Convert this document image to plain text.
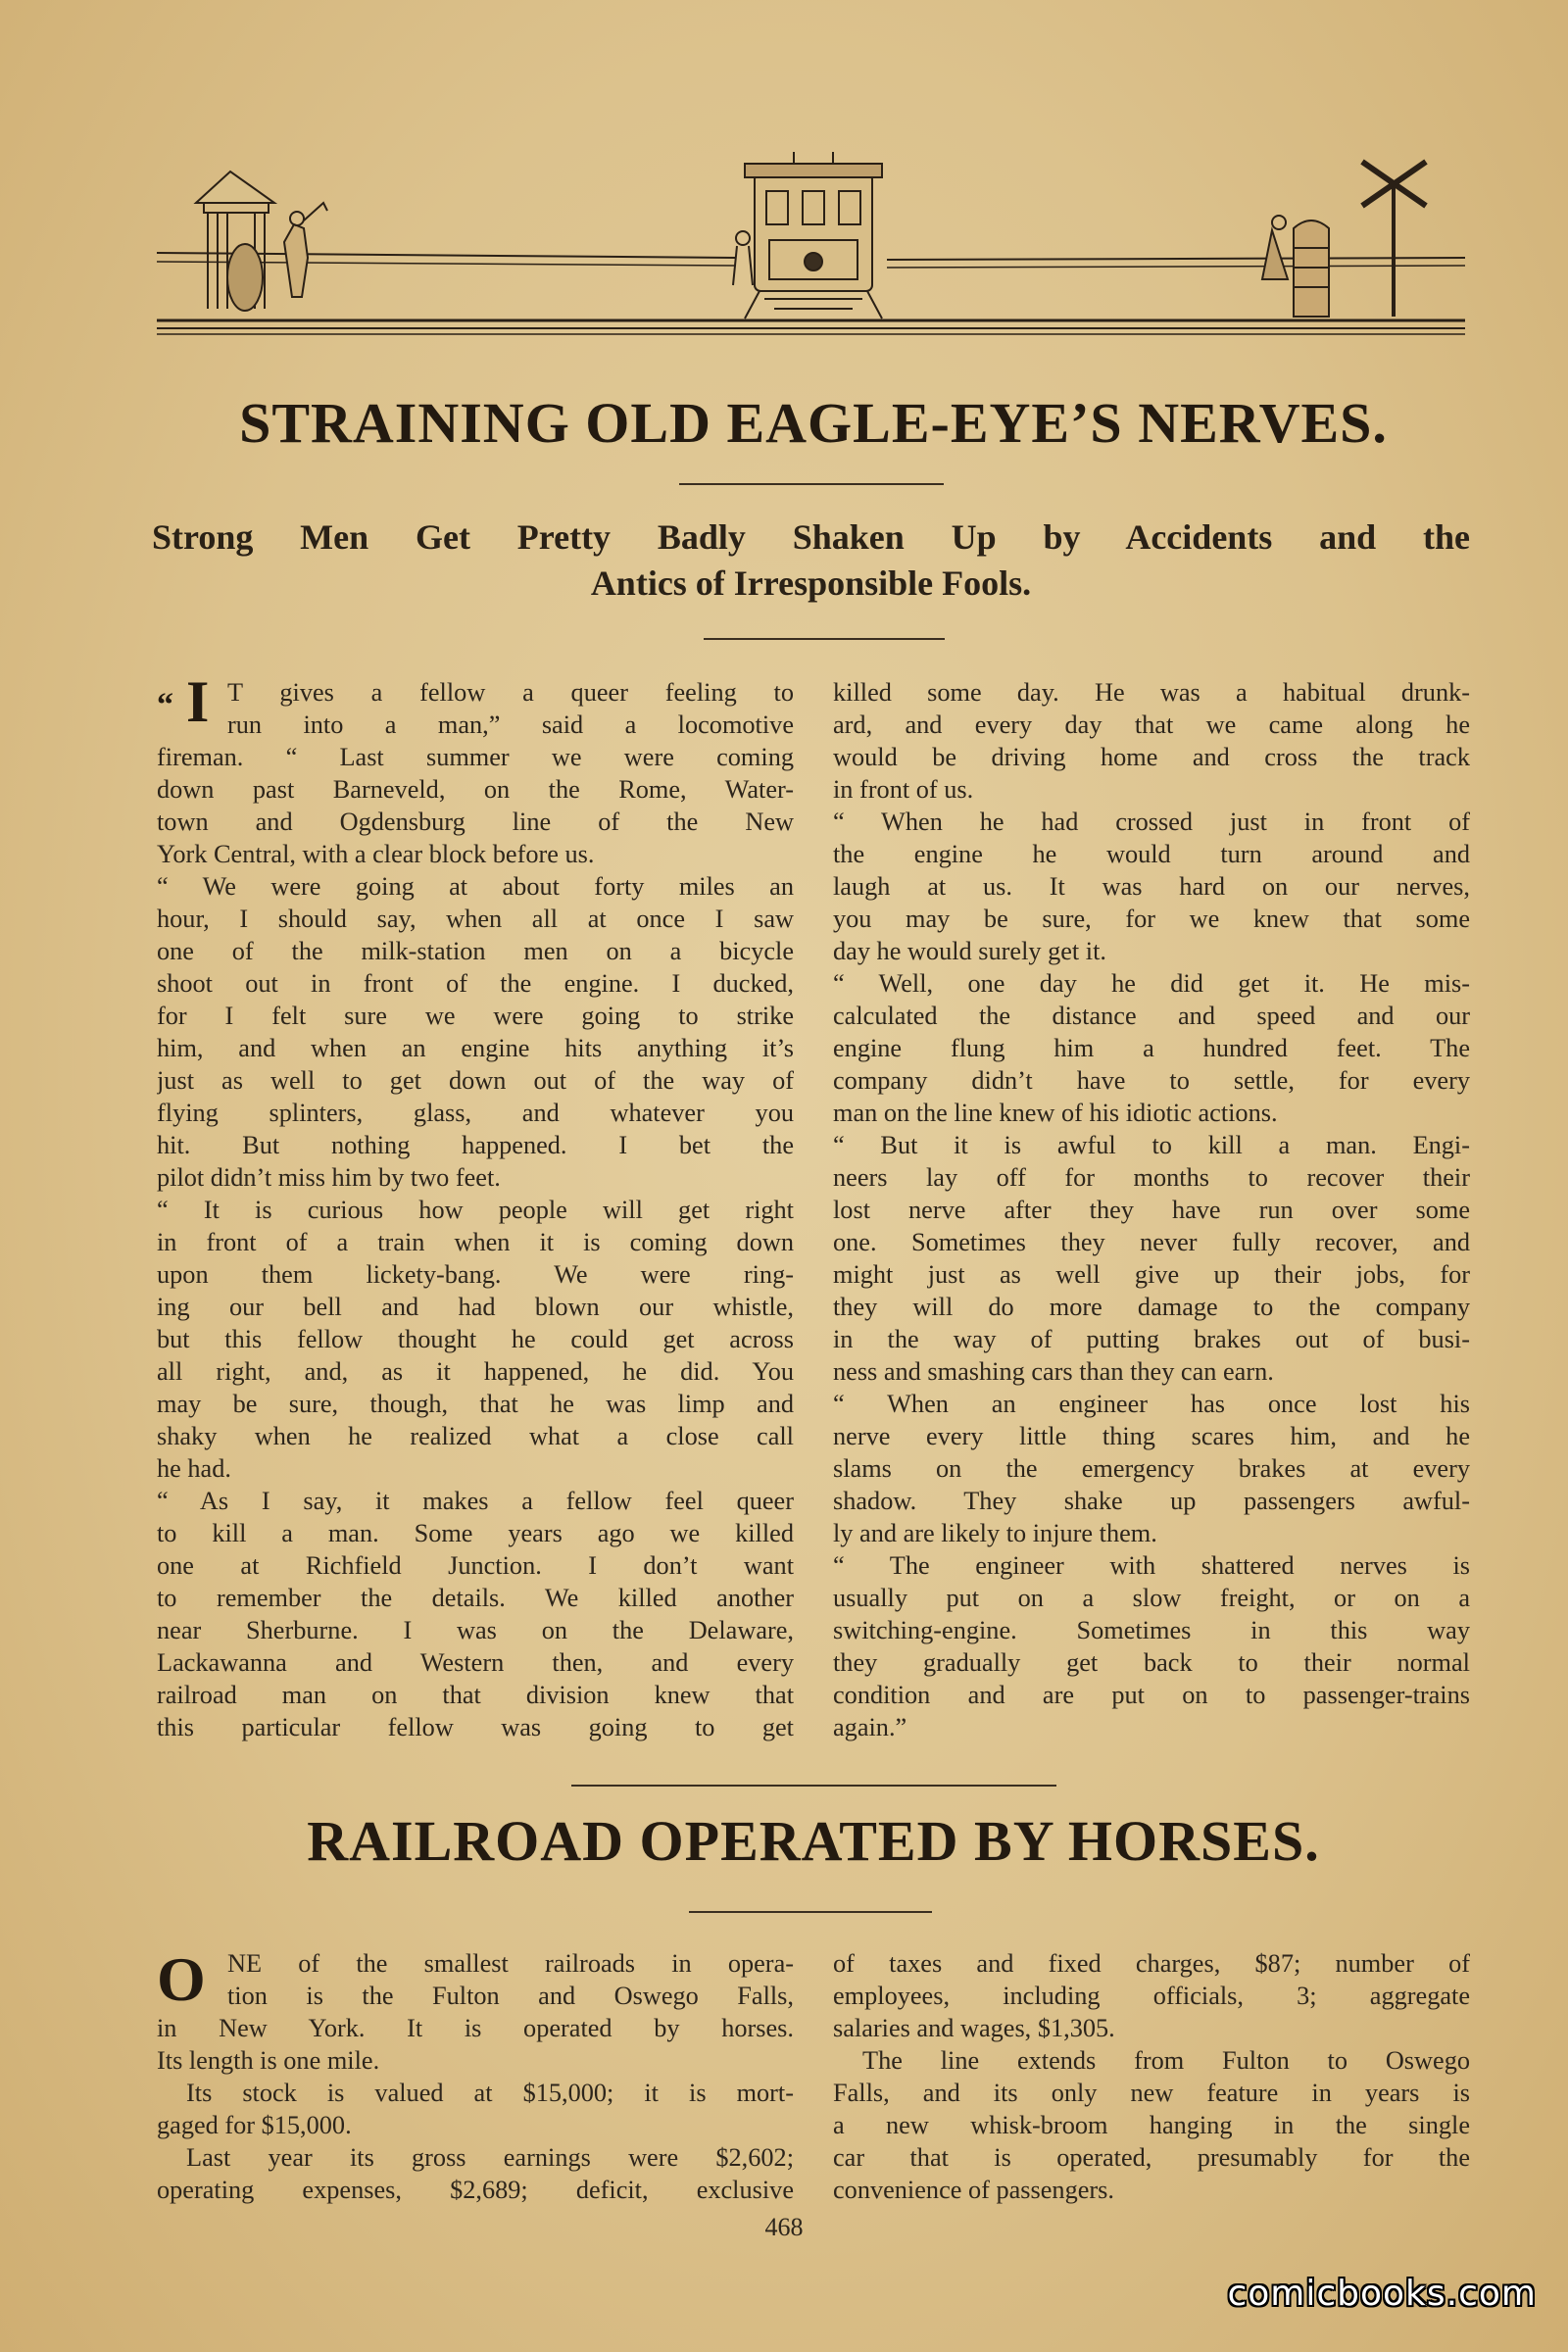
STRAINING OLD EAGLE-EYE’S NERVES.
Strong Men Get Pretty Badly Shaken Up by Accidents and the
Antics of Irresponsible Fools.
“ I T gives a fellow a queer feeling to
run into a man,” said a locomotive
fireman. “ Last summer we were coming
down past Barneveld, on the Rome, Water-
town and Ogdensburg line of the New
York Central, with a clear block before us.
“ We were going at about forty miles an
hour, I should say, when all at once I saw
one of the milk-station men on a bicycle
shoot out in front of the engine. I ducked,
for I felt sure we were going to strike
him, and when an engine hits anything it’s
just as well to get down out of the way of
flying splinters, glass, and whatever you
hit. But nothing happened. I bet the
pilot didn’t miss him by two feet.
“ It is curious how people will get right
in front of a train when it is coming down
upon them lickety-bang. We were ring-
ing our bell and had blown our whistle,
but this fellow thought he could get across
all right, and, as it happened, he did. You
may be sure, though, that he was limp and
shaky when he realized what a close call
he had.
“ As I say, it makes a fellow feel queer
to kill a man. Some years ago we killed
one at Richfield Junction. I don’t want
to remember the details. We killed another
near Sherburne. I was on the Delaware,
Lackawanna and Western then, and every
railroad man on that division knew that
this particular fellow was going to get
killed some day. He was a habitual drunk-
ard, and every day that we came along he
would be driving home and cross the track
in front of us.
“ When he had crossed just in front of
the engine he would turn around and
laugh at us. It was hard on our nerves,
you may be sure, for we knew that some
day he would surely get it.
“ Well, one day he did get it. He mis-
calculated the distance and speed and our
engine flung him a hundred feet. The
company didn’t have to settle, for every
man on the line knew of his idiotic actions.
“ But it is awful to kill a man. Engi-
neers lay off for months to recover their
lost nerve after they have run over some
one. Sometimes they never fully recover, and
might just as well give up their jobs, for
they will do more damage to the company
in the way of putting brakes out of busi-
ness and smashing cars than they can earn.
“ When an engineer has once lost his
nerve every little thing scares him, and he
slams on the emergency brakes at every
shadow. They shake up passengers awful-
ly and are likely to injure them.
“ The engineer with shattered nerves is
usually put on a slow freight, or on a
switching-engine. Sometimes in this way
they gradually get back to their normal
condition and are put on to passenger-trains
again.”
RAILROAD OPERATED BY HORSES.
O NE of the smallest railroads in opera-
tion is the Fulton and Oswego Falls,
in New York. It is operated by horses.
Its length is one mile.
Its stock is valued at $15,000; it is mort-
gaged for $15,000.
Last year its gross earnings were $2,602;
operating expenses, $2,689; deficit, exclusive
of taxes and fixed charges, $87; number of
employees, including officials, 3; aggregate
salaries and wages, $1,305.
The line extends from Fulton to Oswego
Falls, and its only new feature in years is
a new whisk-broom hanging in the single
car that is operated, presumably for the
convenience of passengers.
468
comicbooks.com
